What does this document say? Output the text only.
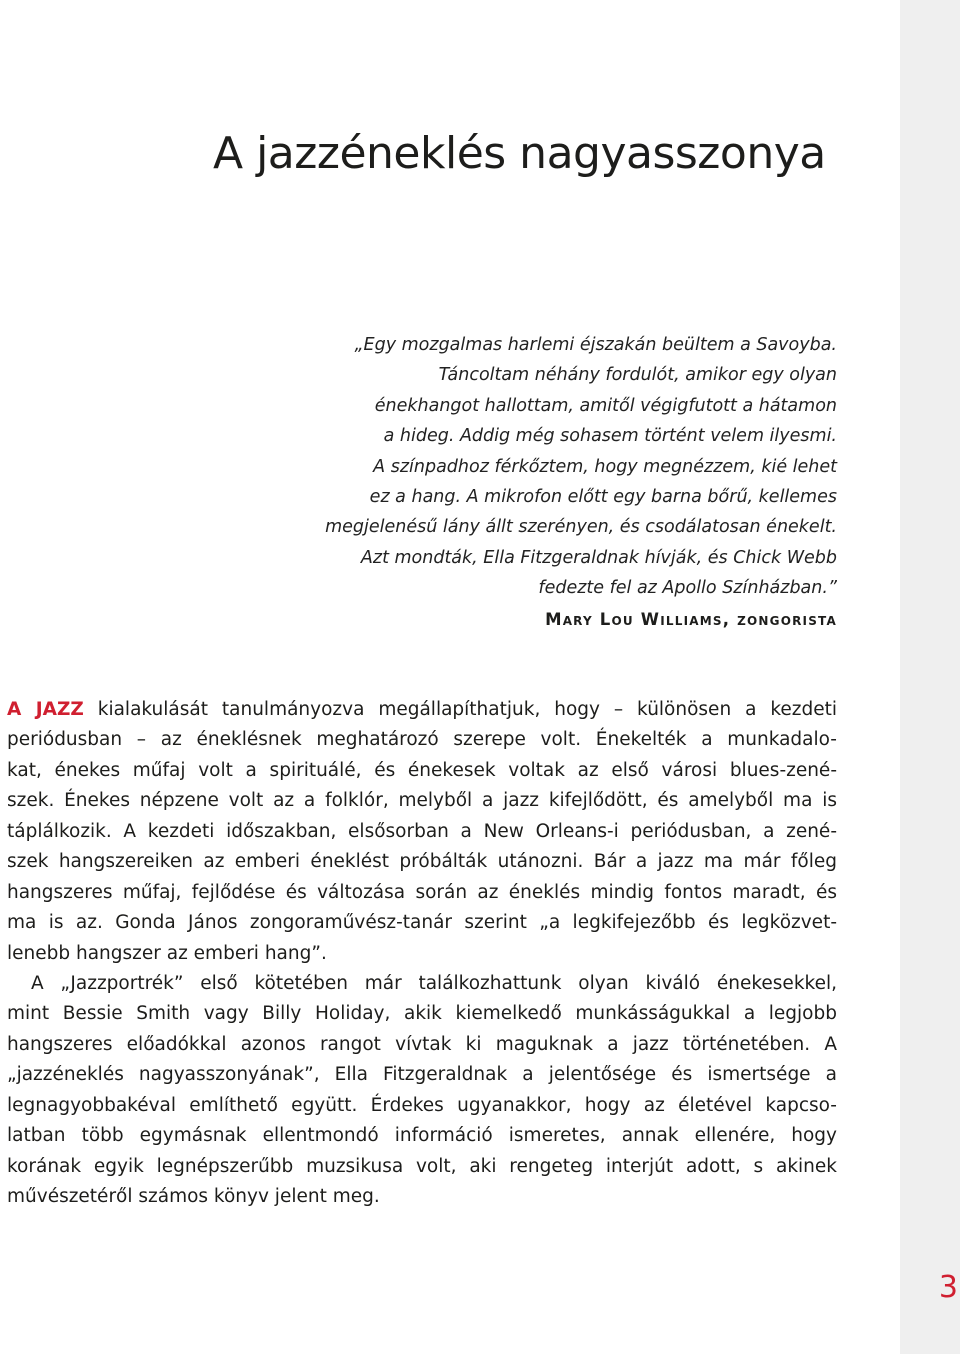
A jazzéneklés nagyasszonya
„Egy mozgalmas harlemi éjszakán beültem a Savoyba.
Táncoltam néhány fordulót, amikor egy olyan
énekhangot hallottam, amitől végigfutott a hátamon
a hideg. Addig még sohasem történt velem ilyesmi.
A színpadhoz férkőztem, hogy megnézzem, kié lehet
ez a hang. A mikrofon előtt egy barna bőrű, kellemes
megjelenésű lány állt szerényen, és csodálatosan énekelt.
Azt mondták, Ella Fitzgeraldnak hívják, és Chick Webb
fedezte fel az Apollo Színházban.”
Mary Lou Williams, zongorista
A JAZZ kialakulását tanulmányozva megállapíthatjuk, hogy – különösen a kezdeti
periódusban – az éneklésnek meghatározó szerepe volt. Énekelték a munkadalo-
kat, énekes műfaj volt a spirituálé, és énekesek voltak az első városi blues-zené-
szek. Énekes népzene volt az a folklór, melyből a jazz kifejlődött, és amelyből ma is
táplálkozik. A kezdeti időszakban, elsősorban a New Orleans-i periódusban, a zené-
szek hangszereiken az emberi éneklést próbálták utánozni. Bár a jazz ma már főleg
hangszeres műfaj, fejlődése és változása során az éneklés mindig fontos maradt, és
ma is az. Gonda János zongoraművész-tanár szerint „a legkifejezőbb és legközvet-
lenebb hangszer az emberi hang”.
A „Jazzportrék” első kötetében már találkozhattunk olyan kiváló énekesekkel,
mint Bessie Smith vagy Billy Holiday, akik kiemelkedő munkásságukkal a legjobb
hangszeres előadókkal azonos rangot vívtak ki maguknak a jazz történetében. A
„jazzéneklés nagyasszonyának”, Ella Fitzgeraldnak a jelentősége és ismertsége a
legnagyobbakéval említhető együtt. Érdekes ugyanakkor, hogy az életével kapcso-
latban több egymásnak ellentmondó információ ismeretes, annak ellenére, hogy
korának egyik legnépszerűbb muzsikusa volt, aki rengeteg interjút adott, s akinek
művészetéről számos könyv jelent meg.
3
